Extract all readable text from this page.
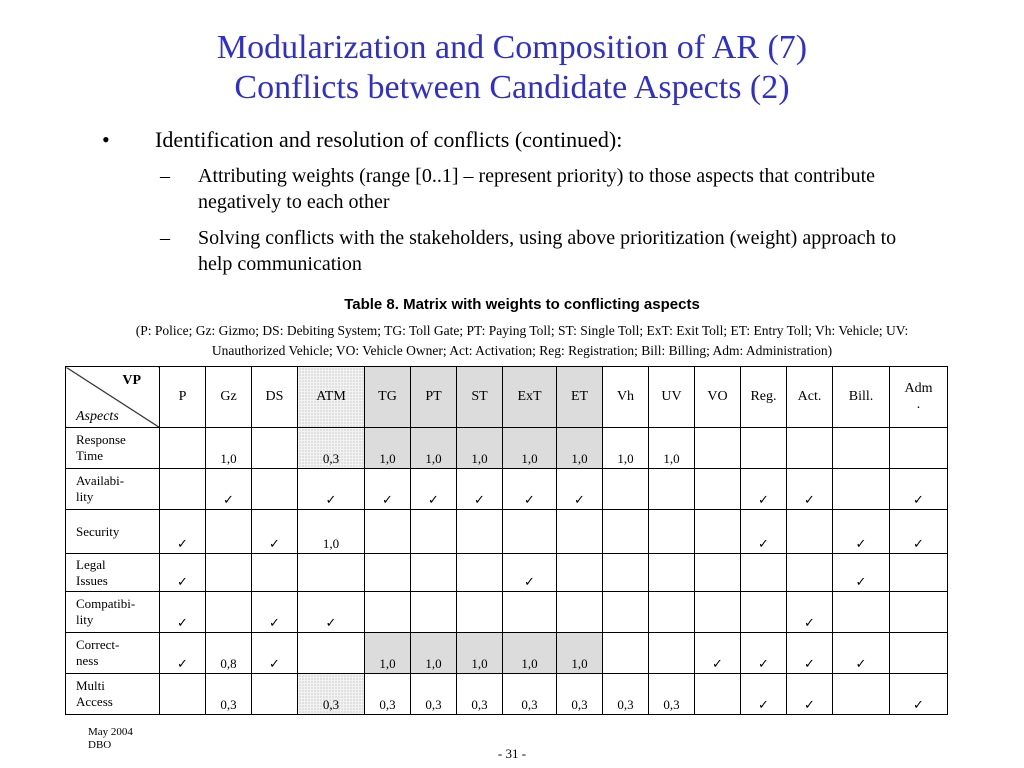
Modularization and Composition of AR (7)
Conflicts between Candidate Aspects (2)
• Identification and resolution of conflicts (continued):
– Attributing weights (range [0..1] – represent priority) to those aspects that contribute negatively to each other
– Solving conflicts with the stakeholders, using above prioritization (weight) approach to help communication
Table 8. Matrix with weights to conflicting aspects
(P: Police; Gz: Gizmo; DS: Debiting System; TG: Toll Gate; PT: Paying Toll; ST: Single Toll; ExT: Exit Toll; ET: Entry Toll; Vh: Vehicle; UV:
Unauthorized Vehicle; VO: Vehicle Owner; Act: Activation; Reg: Registration; Bill: Billing; Adm: Administration)
VP
Aspects	P	Gz	DS	ATM	TG	PT	ST	ExT	ET	Vh	UV	VO	Reg.	Act.	Bill.	Adm
.
Response
Time		1,0		0,3	1,0	1,0	1,0	1,0	1,0	1,0	1,0					

Availabi-
lity		✓		✓	✓	✓	✓	✓	✓				✓	✓		✓

Security	✓		✓	1,0									✓		✓	✓

Legal
Issues	✓							✓							✓	

Compatibi-
lity	✓		✓	✓										✓		

Correct-
ness	✓	0,8	✓		1,0	1,0	1,0	1,0	1,0			✓	✓	✓	✓	

Multi
Access		0,3		0,3	0,3	0,3	0,3	0,3	0,3	0,3	0,3		✓	✓		✓
May 2004
DBO
- 31 -
